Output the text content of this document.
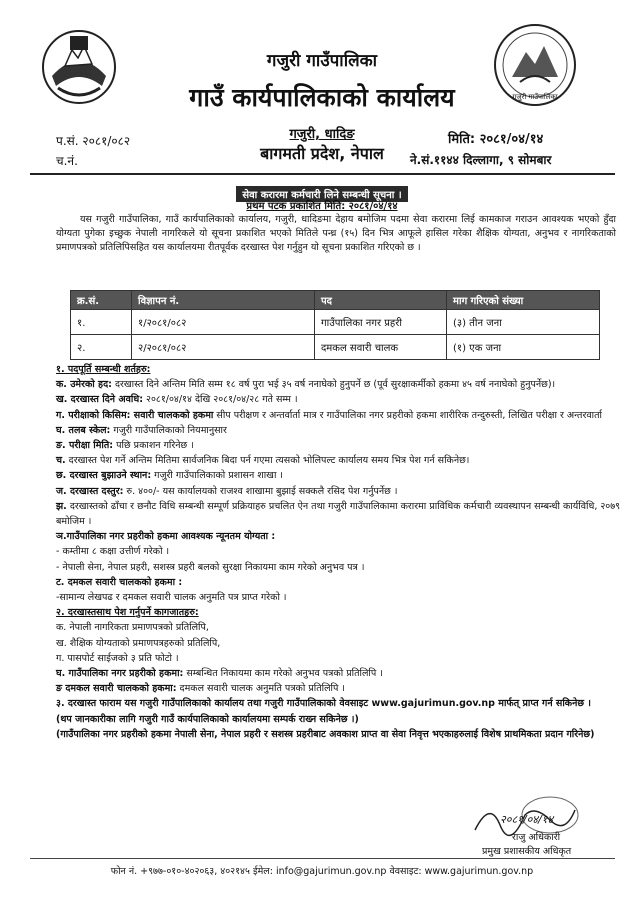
गजुरी गाउँपालिका
गजुरी गाउँपालिका
गाउँ कार्यपालिकाको कार्यालय
गजुरी, धादिङ
बागमती प्रदेश, नेपाल
प.सं. २०८१/०८२
च.नं.
मिति: २०८१/०४/१४
ने.सं.११४४ दिल्लागा, ९ सोमबार
सेवा करारमा कर्मचारी लिने सम्बन्धी सूचना ।
प्रथम पटक प्रकाशित मिति: २०८१/०४/१४
यस गजुरी गाउँपालिका, गाउँ कार्यपालिकाको कार्यालय, गजुरी, धादिङमा देहाय बमोजिम पदमा सेवा करारमा लिई कामकाज गराउन आवश्यक भएको हुँदा योग्यता पुगेका इच्छुक नेपाली नागरिकले यो सूचना प्रकाशित भएको मितिले पन्ध्र (१५) दिन भित्र आफूले हासिल गरेका शैक्षिक योग्यता, अनुभव र नागरिकताको प्रमाणपत्रको प्रतिलिपिसहित यस कार्यालयमा रीतपूर्वक दरखास्त पेश गर्नुहुन यो सूचना प्रकाशित गरिएको छ ।
क्र.सं.	विज्ञापन नं.	पद	माग गरिएको संख्या
१.	१/२०८१/०८२	गाउँपालिका नगर प्रहरी	(३) तीन जना
२.	२/२०८१/०८२	दमकल सवारी चालक	(१) एक जना
१. पदपूर्ति सम्बन्धी शर्तहरु:
क. उमेरको हद: दरखास्त दिने अन्तिम मिति सम्म १८ वर्ष पुरा भई ३५ वर्ष ननाघेको हुनुपर्ने छ (पूर्व सुरक्षाकर्मीको हकमा ४५ वर्ष ननाघेको हुनुपर्नेछ)।
ख. दरखास्त दिने अवधि: २०८१/०४/१४ देखि २०८१/०४/२८ गते सम्म ।
ग. परीक्षाको किसिम: सवारी चालकको हकमा सीप परीक्षण र अन्तर्वार्ता मात्र र गाउँपालिका नगर प्रहरीको हकमा शारीरिक तन्दुरुस्ती, लिखित परीक्षा र अन्तरवार्ता
घ. तलब स्केल: गजुरी गाउँपालिकाको नियमानुसार
ङ. परीक्षा मिति: पछि प्रकाशन गरिनेछ ।
च. दरखास्त पेश गर्ने अन्तिम मितिमा सार्वजनिक बिदा पर्न गएमा त्यसको भोलिपल्ट कार्यालय समय भित्र पेश गर्न सकिनेछ।
छ. दरखास्त बुझाउने स्थान: गजुरी गाउँपालिकाको प्रशासन शाखा ।
ज. दरखास्त दस्तुर: रु. ४००/- यस कार्यालयको राजश्व शाखामा बुझाई सक्कलै रसिद पेश गर्नुपर्नेछ ।
झ. दरखास्तको ढाँचा र छनौट विधि सम्बन्धी सम्पूर्ण प्रक्रियाहरु प्रचलित ऐन तथा गजुरी गाउँपालिकामा करारमा प्राविधिक कर्मचारी व्यवस्थापन सम्बन्धी कार्यविधि, २०७९ बमोजिम ।
ञ.गाउँपालिका नगर प्रहरीको हकमा आवश्यक न्यूनतम योग्यता :
- कम्तीमा ८ कक्षा उत्तीर्ण गरेको ।
- नेपाली सेना, नेपाल प्रहरी, सशस्त्र प्रहरी बलको सुरक्षा निकायमा काम गरेको अनुभव पत्र ।
ट. दमकल सवारी चालकको हकमा :
-सामान्य लेखपढ र दमकल सवारी चालक अनुमति पत्र प्राप्त गरेको ।
२. दरखास्तसाथ पेश गर्नुपर्ने कागजातहरु:
क. नेपाली नागरिकता प्रमाणपत्रको प्रतिलिपि,
ख. शैक्षिक योग्यताको प्रमाणपत्रहरुको प्रतिलिपि,
ग. पासपोर्ट साईजको ३ प्रति फोटो ।
घ. गाउँपालिका नगर प्रहरीको हकमा: सम्बन्धित निकायमा काम गरेको अनुभव पत्रको प्रतिलिपि ।
ङ दमकल सवारी चालकको हकमा: दमकल सवारी चालक अनुमति पत्रको प्रतिलिपि ।
३. दरखास्त फाराम यस गजुरी गाउँपालिकाको कार्यालय तथा गजुरी गाउँपालिकाको वेवसाइट www.gajurimun.gov.np मार्फत् प्राप्त गर्न सकिनेछ ।
(थप जानकारीका लागि गजुरी गाउँ कार्यपालिकाको कार्यालयमा सम्पर्क राख्न सकिनेछ ।)
(गाउँपालिका नगर प्रहरीको हकमा नेपाली सेना, नेपाल प्रहरी र सशस्त्र प्रहरीबाट अवकाश प्राप्त वा सेवा निवृत्त भएकाहरुलाई विशेष प्राथमिकता प्रदान गरिनेछ)
२०८१/०४/१४
राजु अधिकारी
प्रमुख प्रशासकीय अधिकृत
फोन नं. +९७७-०१०-४०२०६३, ४०२१४५ ईमेल: info@gajurimun.gov.np वेवसाइट: www.gajurimun.gov.np
